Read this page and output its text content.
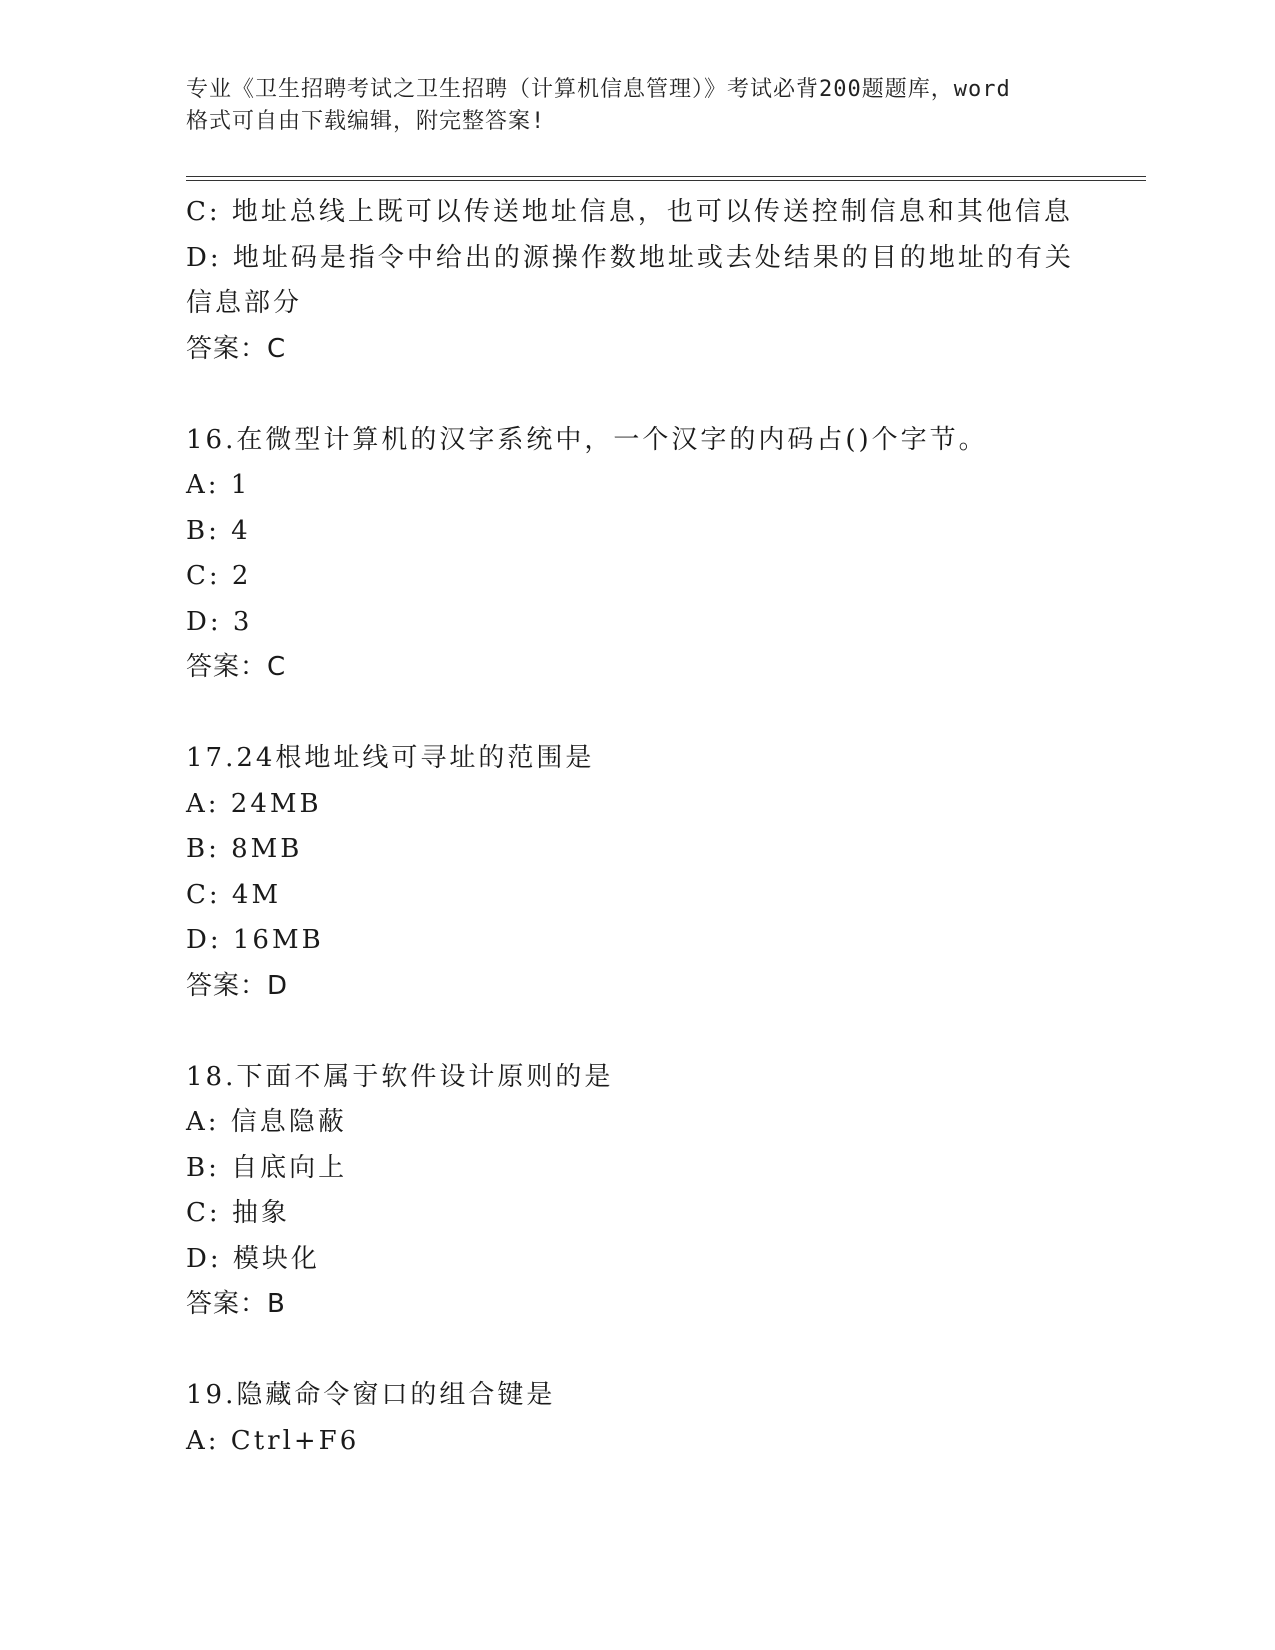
专业《卫生招聘考试之卫生招聘（计算机信息管理）》考试必背200题题库，word
格式可自由下载编辑，附完整答案!
C: 地址总线上既可以传送地址信息，也可以传送控制信息和其他信息
D: 地址码是指令中给出的源操作数地址或去处结果的目的地址的有关
信息部分
答案：C
16.在微型计算机的汉字系统中，一个汉字的内码占()个字节。
A: 1
B: 4
C: 2
D: 3
答案：C
17.24根地址线可寻址的范围是
A: 24MB
B: 8MB
C: 4M
D: 16MB
答案：D
18.下面不属于软件设计原则的是
A: 信息隐蔽
B: 自底向上
C: 抽象
D: 模块化
答案：B
19.隐藏命令窗口的组合键是
A: Ctrl+F6
